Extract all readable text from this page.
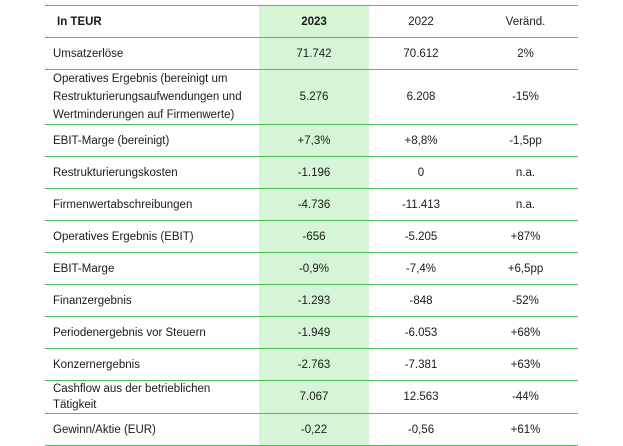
In TEUR	2023	2022	Veränd.
Umsatzerlöse	71.742	70.612	2%
Operatives Ergebnis (bereinigt um Restrukturierungsaufwendungen und Wertminderungen auf Firmenwerte)	5.276	6.208	-15%
EBIT-Marge (bereinigt)	+7,3%	+8,8%	-1,5pp
Restrukturierungskosten	-1.196	0	n.a.
Firmenwertabschreibungen	-4.736	-11.413	n.a.
Operatives Ergebnis (EBIT)	-656	-5.205	+87%
EBIT-Marge	-0,9%	-7,4%	+6,5pp
Finanzergebnis	-1.293	-848	-52%
Periodenergebnis vor Steuern	-1.949	-6.053	+68%
Konzernergebnis	-2.763	-7.381	+63%
Cashflow aus der betrieblichen Tätigkeit	7.067	12.563	-44%
Gewinn/Aktie (EUR)	-0,22	-0,56	+61%
